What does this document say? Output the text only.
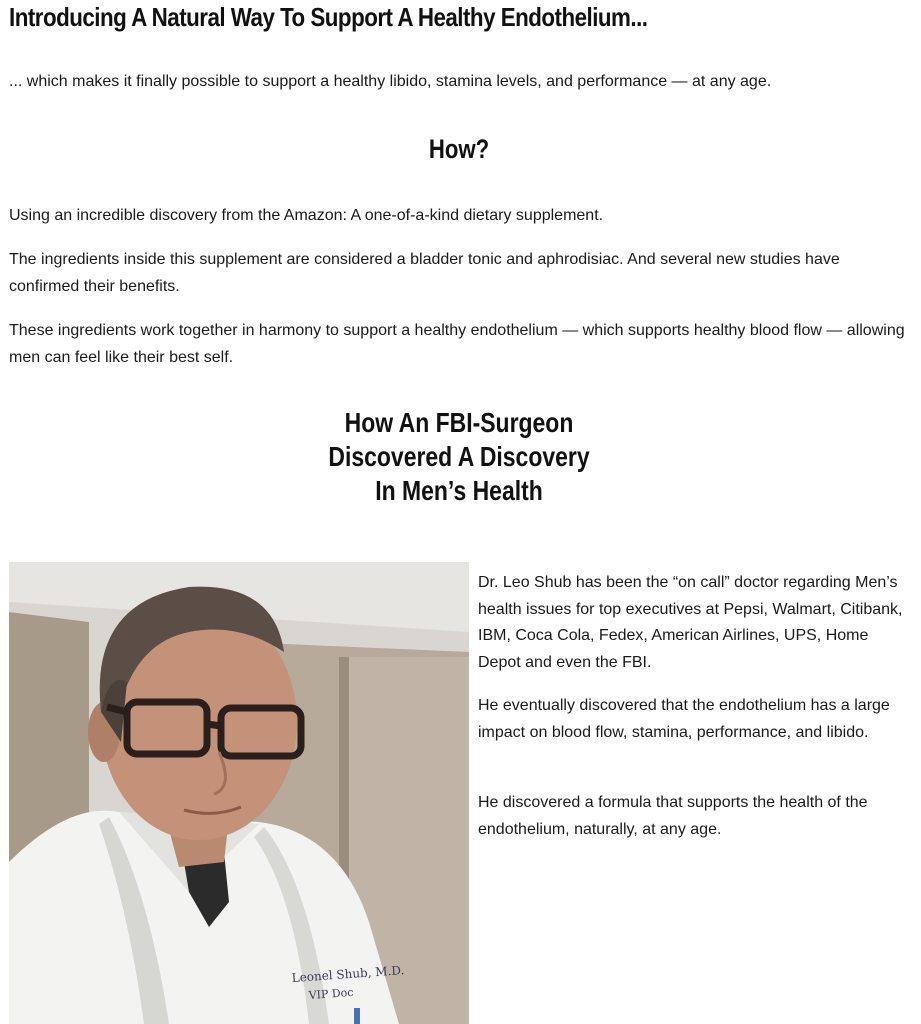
Introducing A Natural Way To Support A Healthy Endothelium...

... which makes it finally possible to support a healthy libido, stamina levels, and performance — at any age.

How?

Using an incredible discovery from the Amazon: A one-of-a-kind dietary supplement.

The ingredients inside this supplement are considered a bladder tonic and aphrodisiac. And several new studies have confirmed their benefits.

These ingredients work together in harmony to support a healthy endothelium — which supports healthy blood flow — allowing men can feel like their best self.

How An FBI-Surgeon
Discovered A Discovery
In Men’s Health
Leonel Shub, M.D.
VIP Doc

Dr. Leo Shub has been the “on call” doctor regarding Men’s health issues for top executives at Pepsi, Walmart, Citibank, IBM, Coca Cola, Fedex, American Airlines, UPS, Home Depot and even the FBI.

He eventually discovered that the endothelium has a large impact on blood flow, stamina, performance, and libido.

He discovered a formula that supports the health of the endothelium, naturally, at any age.
